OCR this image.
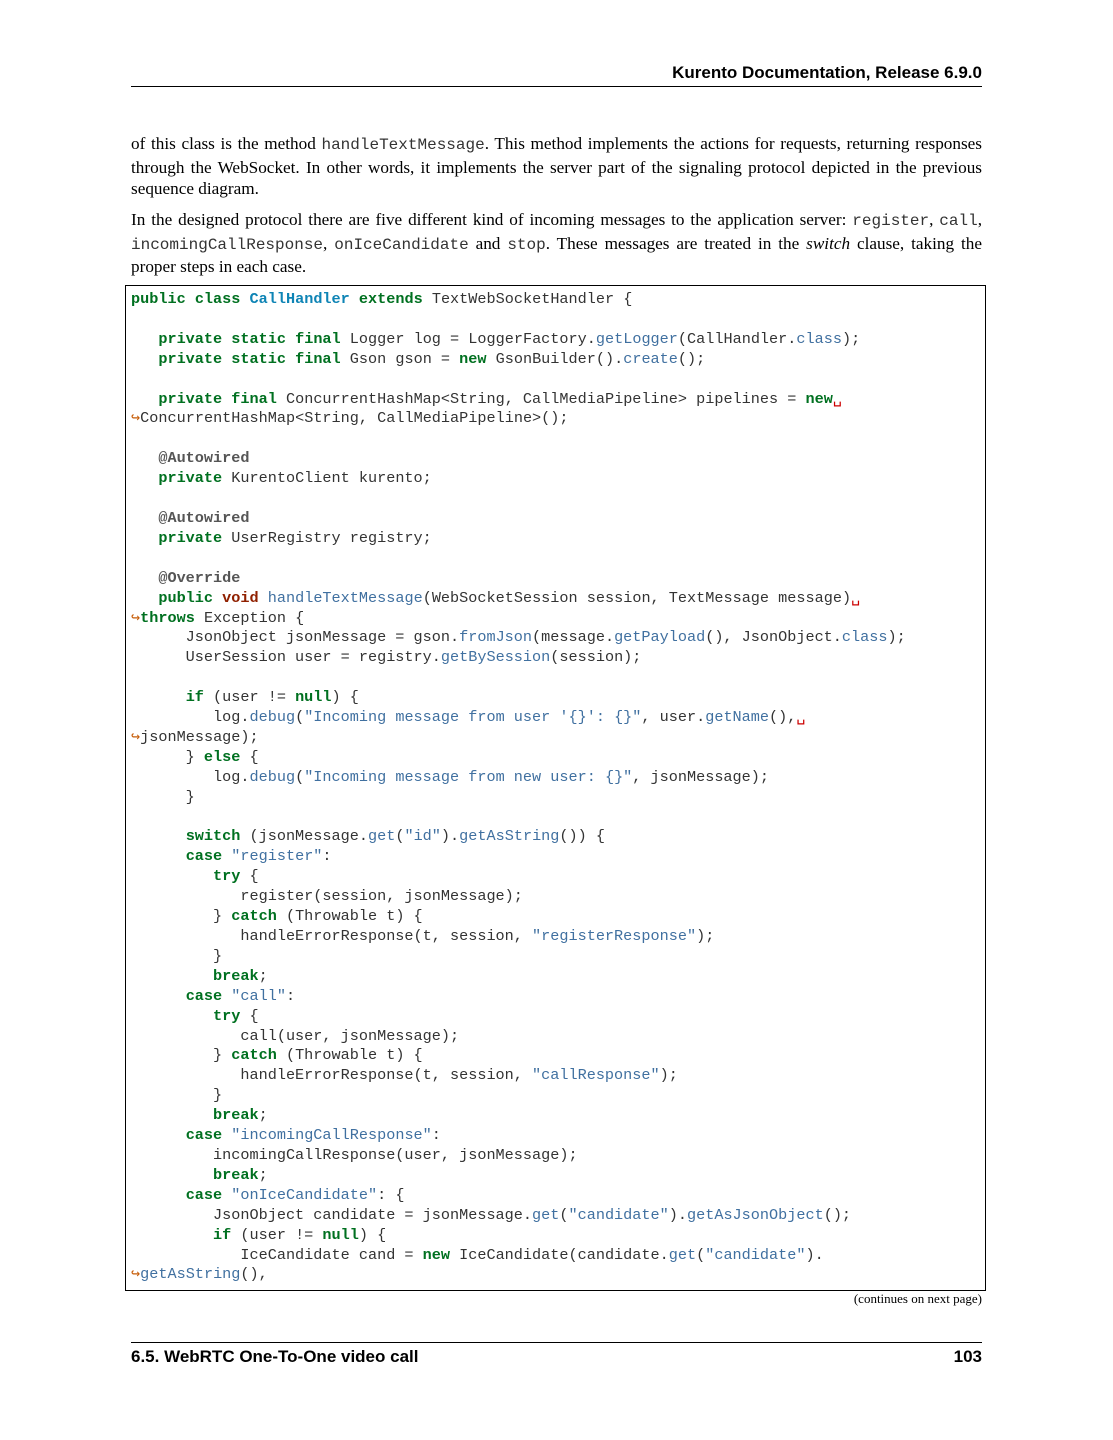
Kurento Documentation, Release 6.9.0

of this class is the method handleTextMessage. This method implements the actions for requests, returning responses through the WebSocket. In other words, it implements the server part of the signaling protocol depicted in the previous sequence diagram.

In the designed protocol there are five different kind of incoming messages to the application server: register, call, incomingCallResponse, onIceCandidate and stop. These messages are treated in the switch clause, taking the proper steps in each case.

public class CallHandler extends TextWebSocketHandler {

private static final Logger log = LoggerFactory.getLogger(CallHandler.class);
private static final Gson gson = new GsonBuilder().create();

private final ConcurrentHashMap<String, CallMediaPipeline> pipelines = new␣
↪ConcurrentHashMap<String, CallMediaPipeline>();

@Autowired
private KurentoClient kurento;

@Autowired
private UserRegistry registry;

@Override
public void handleTextMessage(WebSocketSession session, TextMessage message)␣
↪throws Exception {
JsonObject jsonMessage = gson.fromJson(message.getPayload(), JsonObject.class);
UserSession user = registry.getBySession(session);

if (user != null) {
log.debug("Incoming message from user '{}': {}", user.getName(),␣
↪jsonMessage);
} else {
log.debug("Incoming message from new user: {}", jsonMessage);
}

switch (jsonMessage.get("id").getAsString()) {
case "register":
try {
register(session, jsonMessage);
} catch (Throwable t) {
handleErrorResponse(t, session, "registerResponse");
}
break;
case "call":
try {
call(user, jsonMessage);
} catch (Throwable t) {
handleErrorResponse(t, session, "callResponse");
}
break;
case "incomingCallResponse":
incomingCallResponse(user, jsonMessage);
break;
case "onIceCandidate": {
JsonObject candidate = jsonMessage.get("candidate").getAsJsonObject();
if (user != null) {
IceCandidate cand = new IceCandidate(candidate.get("candidate").
↪getAsString(),
(continues on next page)
6.5. WebRTC One-To-One video call	103
